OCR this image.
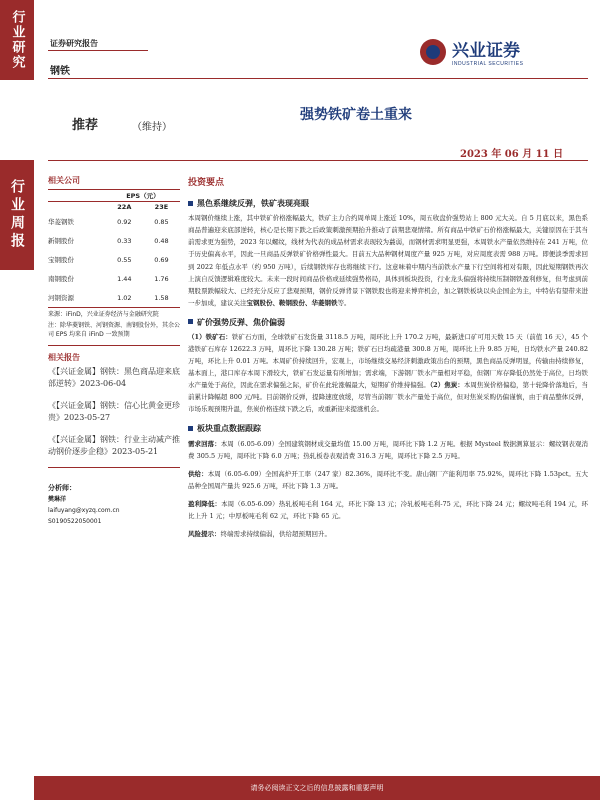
行业研究
行业周报
证券研究报告
钢铁
兴业证券
INDUSTRIAL SECURITIES
推荐	（维持）
强势铁矿卷土重来
2023 年 06 月 11 日
相关公司
	EPS（元）	
	22A	23E
华菱钢铁	0.92	0.85
新钢股份	0.33	0.48
宝钢股份	0.55	0.69
南钢股份	1.44	1.76
河钢资源	1.02	1.58
来源：iFinD，兴业证券经济与金融研究院
注：除华菱钢铁、河钢资源、南钢股份外，其余公司 EPS 均来自 iFinD 一致预期
相关报告
《【兴证金属】钢铁：黑色商品迎来底部逆转》2023-06-04
《【兴证金属】钢铁：信心比黄金更珍贵》2023-05-27
《【兴证金属】钢铁：行业主动减产推动钢价逐步企稳》2023-05-21
分析师：
樊琳洋
laifuyang@xyzq.com.cn
S0190522050001
投资要点
黑色系继续反弹，铁矿表现亮眼
本周钢价继续上涨，其中铁矿价格涨幅最大，铁矿主力合约周单周上涨近 10%，周五收盘价强势站上 800 元大关。自 5 月底以来，黑色系商品普遍迎来底部逆转，核心是长期下跌之后政策刺激预期抬升推动了前期悲观情绪。所有商品中铁矿石价格涨幅最大，关键原因在于其当前需求更为强势，2023 年以螺纹，线材为代表的成品材需求表现较为蕞弱，而钢材需求明显更强，本周铁水产量依然维持在 241 万吨，位于历史偏高水平，因此一旦商品反弹铁矿价格弹性最大。目前五大品种钢材周度产量 925 万吨，对应周度表需 988 万吨。即便淡季需求回到 2022 年低点水平（约 950 万吨），后续钢铁库存也将继续下行。这意味着中期内当前铁水产量下行空间将相对有限，因此短期钢铁再次上演自反馈逻辑难度较大。未来一段时间商品价格或延续强势格局，具体到板块投资，行业龙头偏强将持续压制钢铁盈利修复，但考虑到前期股票跌幅较大、已经充分反应了悲观预期，钢价反弹背景下钢铁股也将迎来博弈机会，加之钢铁板块以央企国企为主，中特估有望带来进一步加成，建议关注宝钢股份、鞍钢股份、华菱钢铁等。
矿价强势反弹、焦价偏弱
（1）铁矿石：铁矿石方面，全球铁矿石发货量 3118.5 万吨，周环比上升 170.2 万吨，最新进口矿可用天数 15 天（前值 16 天），45 个港铁矿石库存 12622.3 万吨，周环比下降 130.28 万吨；铁矿石日均疏港量 300.8 万吨，周环比上升 9.85 万吨，日均铁水产量 240.82 万吨，环比上升 0.01 万吨。本周矿价持续回升，宏观上，市场继续交易经济刺激政策出台的预期，黑色商品反弹明显，传输由持续修复，基本面上，港口库存本周下滑较大，铁矿石发运量有所增加；需求端，下游钢厂铁水产量相对平稳，但钢厂库存降低仍然处于高位，日均铁水产量处于高位，因此在需求偏强之际，矿价在此轮涨幅最大，短期矿价维持偏强。（2）焦炭：本周焦炭价格偏稳，第十轮降价落地后，当前累计降幅超 800 元/吨。目前钢价反弹，提降速度放缓，尽管当前钢厂铁水产量处于高位，但对焦炭采购仍偏谨慎，由于商品整体反弹，市场乐观预期升温，焦炭价格连续下跌之后，或重新迎来提涨机会。
板块重点数据跟踪
需求回落：本周（6.05-6.09）全国建筑钢材成交量均值 15.00 万吨，周环比下降 1.2 万吨。根据 Mysteel 数据测算显示：螺纹钢表观消费 305.5 万吨，周环比下降 6.0 万吨；热轧板卷表观消费 316.3 万吨，周环比下降 2.5 万吨。
供给：本周（6.05-6.09）全国高炉开工率（247 家）82.36%，周环比不变。唐山钢厂产能利用率 75.92%，周环比下降 1.53pct。五大品种全国周产量共 925.6 万吨，环比下降 1.3 万吨。
盈利降低：本周（6.05-6.09）热轧板吨毛利 164 元，环比下降 13 元；冷轧板吨毛利-75 元，环比下降 24 元；螺纹吨毛利 194 元，环比上升 1 元；中厚板吨毛利 62 元，环比下降 65 元。
风险提示：终端需求持续偏弱，供给超预期回升。
请务必阅读正文之后的信息披露和重要声明
